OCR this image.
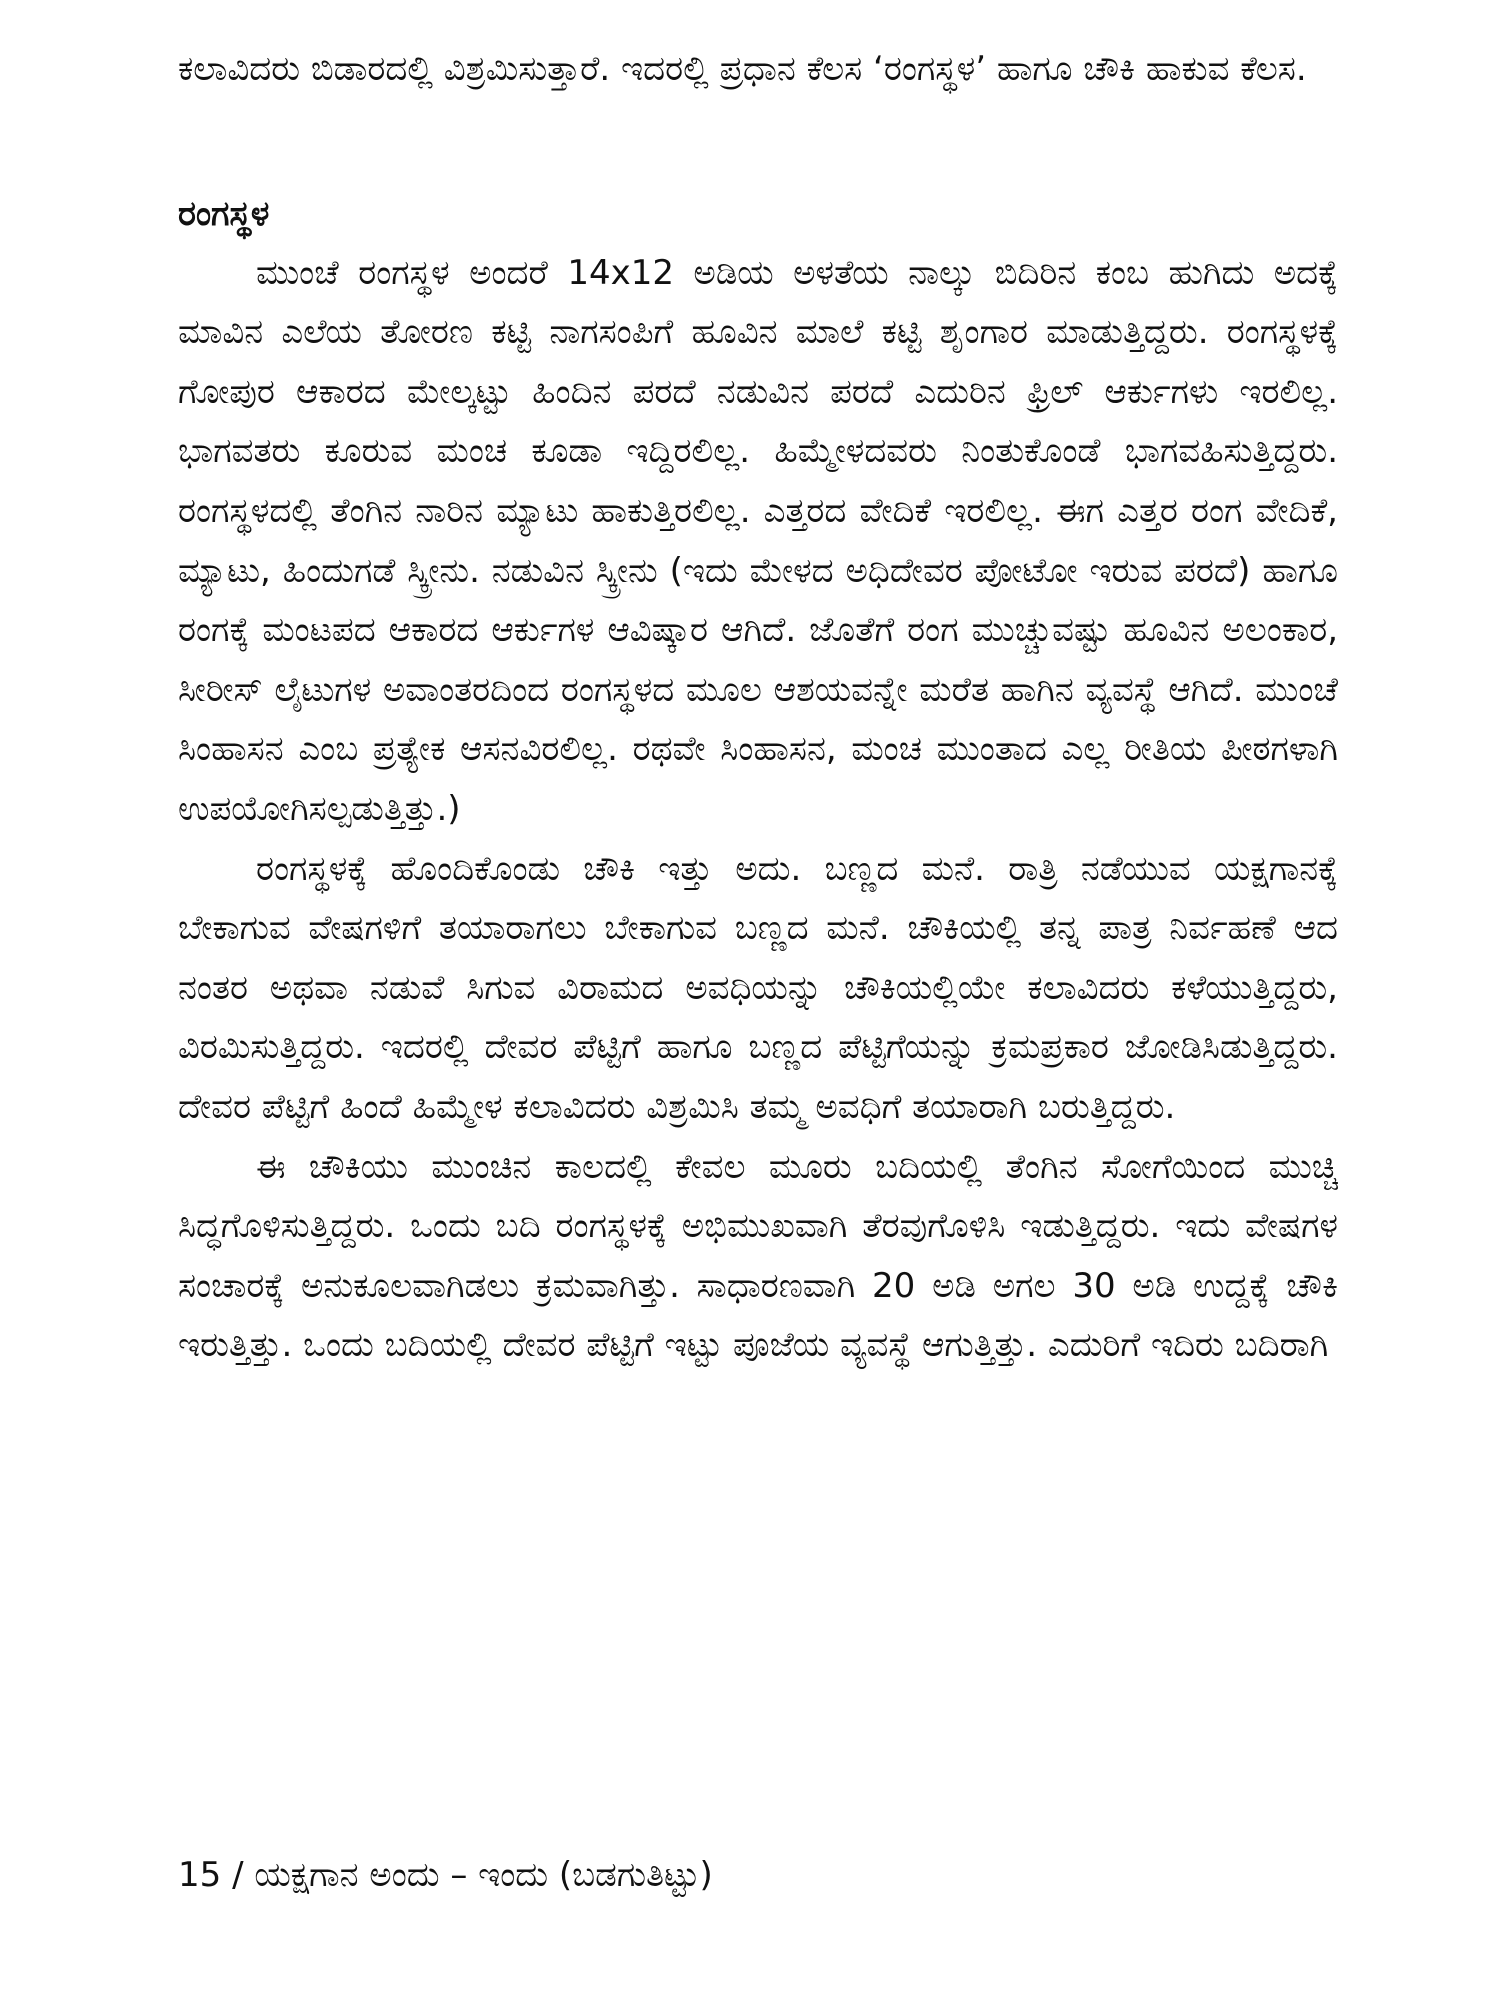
ಕಲಾವಿದರು ಬಿಡಾರದಲ್ಲಿ ವಿಶ್ರಮಿಸುತ್ತಾರೆ. ಇದರಲ್ಲಿ ಪ್ರಧಾನ ಕೆಲಸ ‘ರಂಗಸ್ಥಳ’ ಹಾಗೂ ಚೌಕಿ ಹಾಕುವ ಕೆಲಸ.

ರಂಗಸ್ಥಳ

ಮುಂಚೆ ರಂಗಸ್ಥಳ ಅಂದರೆ 14x12 ಅಡಿಯ ಅಳತೆಯ ನಾಲ್ಕು ಬಿದಿರಿನ ಕಂಬ ಹುಗಿದು ಅದಕ್ಕೆ ಮಾವಿನ ಎಲೆಯ ತೋರಣ ಕಟ್ಟಿ ನಾಗಸಂಪಿಗೆ ಹೂವಿನ ಮಾಲೆ ಕಟ್ಟಿ ಶೃಂಗಾರ ಮಾಡುತ್ತಿದ್ದರು. ರಂಗಸ್ಥಳಕ್ಕೆ ಗೋಪುರ ಆಕಾರದ ಮೇಲ್ಕಟ್ಟು ಹಿಂದಿನ ಪರದೆ ನಡುವಿನ ಪರದೆ ಎದುರಿನ ಫ್ರಿಲ್ ಆರ್ಕುಗಳು ಇರಲಿಲ್ಲ. ಭಾಗವತರು ಕೂರುವ ಮಂಚ ಕೂಡಾ ಇದ್ದಿರಲಿಲ್ಲ. ಹಿಮ್ಮೇಳದವರು ನಿಂತುಕೊಂಡೆ ಭಾಗವಹಿಸುತ್ತಿದ್ದರು. ರಂಗಸ್ಥಳದಲ್ಲಿ ತೆಂಗಿನ ನಾರಿನ ಮ್ಯಾಟು ಹಾಕುತ್ತಿರಲಿಲ್ಲ. ಎತ್ತರದ ವೇದಿಕೆ ಇರಲಿಲ್ಲ. ಈಗ ಎತ್ತರ ರಂಗ ವೇದಿಕೆ, ಮ್ಯಾಟು, ಹಿಂದುಗಡೆ ಸ್ಕ್ರೀನು. ನಡುವಿನ ಸ್ಕ್ರೀನು (ಇದು ಮೇಳದ ಅಧಿದೇವರ ಪೋಟೋ ಇರುವ ಪರದೆ) ಹಾಗೂ ರಂಗಕ್ಕೆ ಮಂಟಪದ ಆಕಾರದ ಆರ್ಕುಗಳ ಆವಿಷ್ಕಾರ ಆಗಿದೆ. ಜೊತೆಗೆ ರಂಗ ಮುಚ್ಚುವಷ್ಟು ಹೂವಿನ ಅಲಂಕಾರ, ಸೀರೀಸ್ ಲೈಟುಗಳ ಅವಾಂತರದಿಂದ ರಂಗಸ್ಥಳದ ಮೂಲ ಆಶಯವನ್ನೇ ಮರೆತ ಹಾಗಿನ ವ್ಯವಸ್ಥೆ ಆಗಿದೆ. ಮುಂಚೆ ಸಿಂಹಾಸನ ಎಂಬ ಪ್ರತ್ಯೇಕ ಆಸನವಿರಲಿಲ್ಲ. ರಥವೇ ಸಿಂಹಾಸನ, ಮಂಚ ಮುಂತಾದ ಎಲ್ಲ ರೀತಿಯ ಪೀಠಗಳಾಗಿ ಉಪಯೋಗಿಸಲ್ಪಡುತ್ತಿತ್ತು.)

ರಂಗಸ್ಥಳಕ್ಕೆ ಹೊಂದಿಕೊಂಡು ಚೌಕಿ ಇತ್ತು ಅದು. ಬಣ್ಣದ ಮನೆ. ರಾತ್ರಿ ನಡೆಯುವ ಯಕ್ಷಗಾನಕ್ಕೆ ಬೇಕಾಗುವ ವೇಷಗಳಿಗೆ ತಯಾರಾಗಲು ಬೇಕಾಗುವ ಬಣ್ಣದ ಮನೆ. ಚೌಕಿಯಲ್ಲಿ ತನ್ನ ಪಾತ್ರ ನಿರ್ವಹಣೆ ಆದ ನಂತರ ಅಥವಾ ನಡುವೆ ಸಿಗುವ ವಿರಾಮದ ಅವಧಿಯನ್ನು ಚೌಕಿಯಲ್ಲಿಯೇ ಕಲಾವಿದರು ಕಳೆಯುತ್ತಿದ್ದರು, ವಿರಮಿಸುತ್ತಿದ್ದರು. ಇದರಲ್ಲಿ ದೇವರ ಪೆಟ್ಟಿಗೆ ಹಾಗೂ ಬಣ್ಣದ ಪೆಟ್ಟಿಗೆಯನ್ನು ಕ್ರಮಪ್ರಕಾರ ಜೋಡಿಸಿಡುತ್ತಿದ್ದರು. ದೇವರ ಪೆಟ್ಟಿಗೆ ಹಿಂದೆ ಹಿಮ್ಮೇಳ ಕಲಾವಿದರು ವಿಶ್ರಮಿಸಿ ತಮ್ಮ ಅವಧಿಗೆ ತಯಾರಾಗಿ ಬರುತ್ತಿದ್ದರು.

ಈ ಚೌಕಿಯು ಮುಂಚಿನ ಕಾಲದಲ್ಲಿ ಕೇವಲ ಮೂರು ಬದಿಯಲ್ಲಿ ತೆಂಗಿನ ಸೋಗೆಯಿಂದ ಮುಚ್ಚಿ ಸಿದ್ಧಗೊಳಿಸುತ್ತಿದ್ದರು. ಒಂದು ಬದಿ ರಂಗಸ್ಥಳಕ್ಕೆ ಅಭಿಮುಖವಾಗಿ ತೆರವುಗೊಳಿಸಿ ಇಡುತ್ತಿದ್ದರು. ಇದು ವೇಷಗಳ ಸಂಚಾರಕ್ಕೆ ಅನುಕೂಲವಾಗಿಡಲು ಕ್ರಮವಾಗಿತ್ತು. ಸಾಧಾರಣವಾಗಿ 20 ಅಡಿ ಅಗಲ 30 ಅಡಿ ಉದ್ದಕ್ಕೆ ಚೌಕಿ ಇರುತ್ತಿತ್ತು. ಒಂದು ಬದಿಯಲ್ಲಿ ದೇವರ ಪೆಟ್ಟಿಗೆ ಇಟ್ಟು ಪೂಜೆಯ ವ್ಯವಸ್ಥೆ ಆಗುತ್ತಿತ್ತು. ಎದುರಿಗೆ ಇದಿರು ಬದಿರಾಗಿ

15 / ಯಕ್ಷಗಾನ ಅಂದು – ಇಂದು (ಬಡಗುತಿಟ್ಟು)
